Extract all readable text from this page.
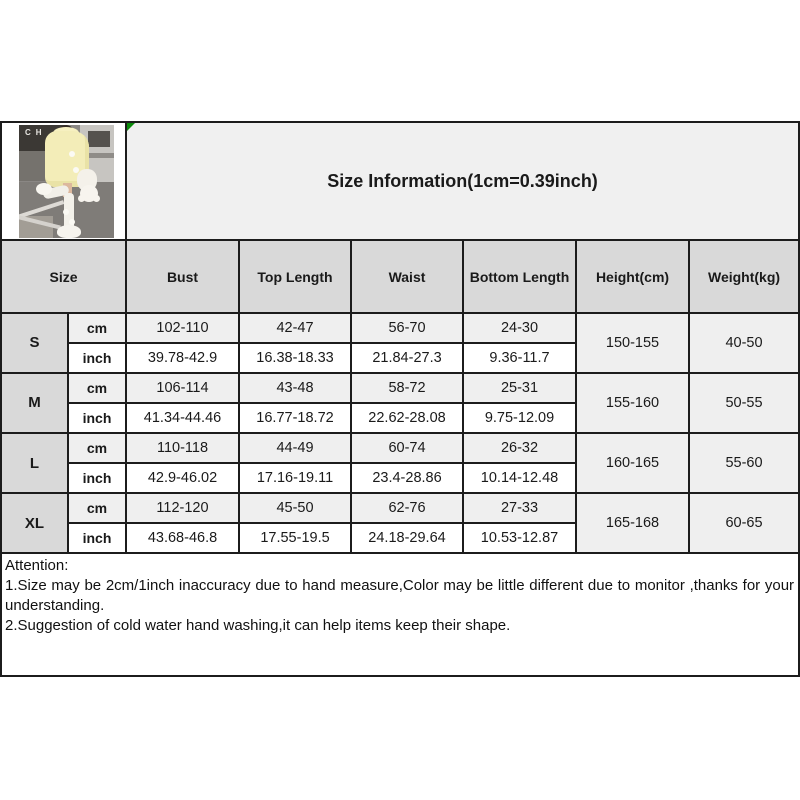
CH		Size Information(1cm=0.39inch)					
Size		Bust	Top Length	Waist	Bottom Length	Height(cm)	Weight(kg)
S	cm	102-110	42-47	56-70	24-30	150-155	40-50
	inch	39.78-42.9	16.38-18.33	21.84-27.3	9.36-11.7		
M	cm	106-114	43-48	58-72	25-31	155-160	50-55
	inch	41.34-44.46	16.77-18.72	22.62-28.08	9.75-12.09		
L	cm	110-118	44-49	60-74	26-32	160-165	55-60
	inch	42.9-46.02	17.16-19.11	23.4-28.86	10.14-12.48		
XL	cm	112-120	45-50	62-76	27-33	165-168	60-65
	inch	43.68-46.8	17.55-19.5	24.18-29.64	10.53-12.87		

Attention:

1.Size may be 2cm/1inch inaccuracy due to hand measure,Color may be little different due to monitor ,thanks for your understanding.

2.Suggestion of cold water hand washing,it can help items keep their shape.							
